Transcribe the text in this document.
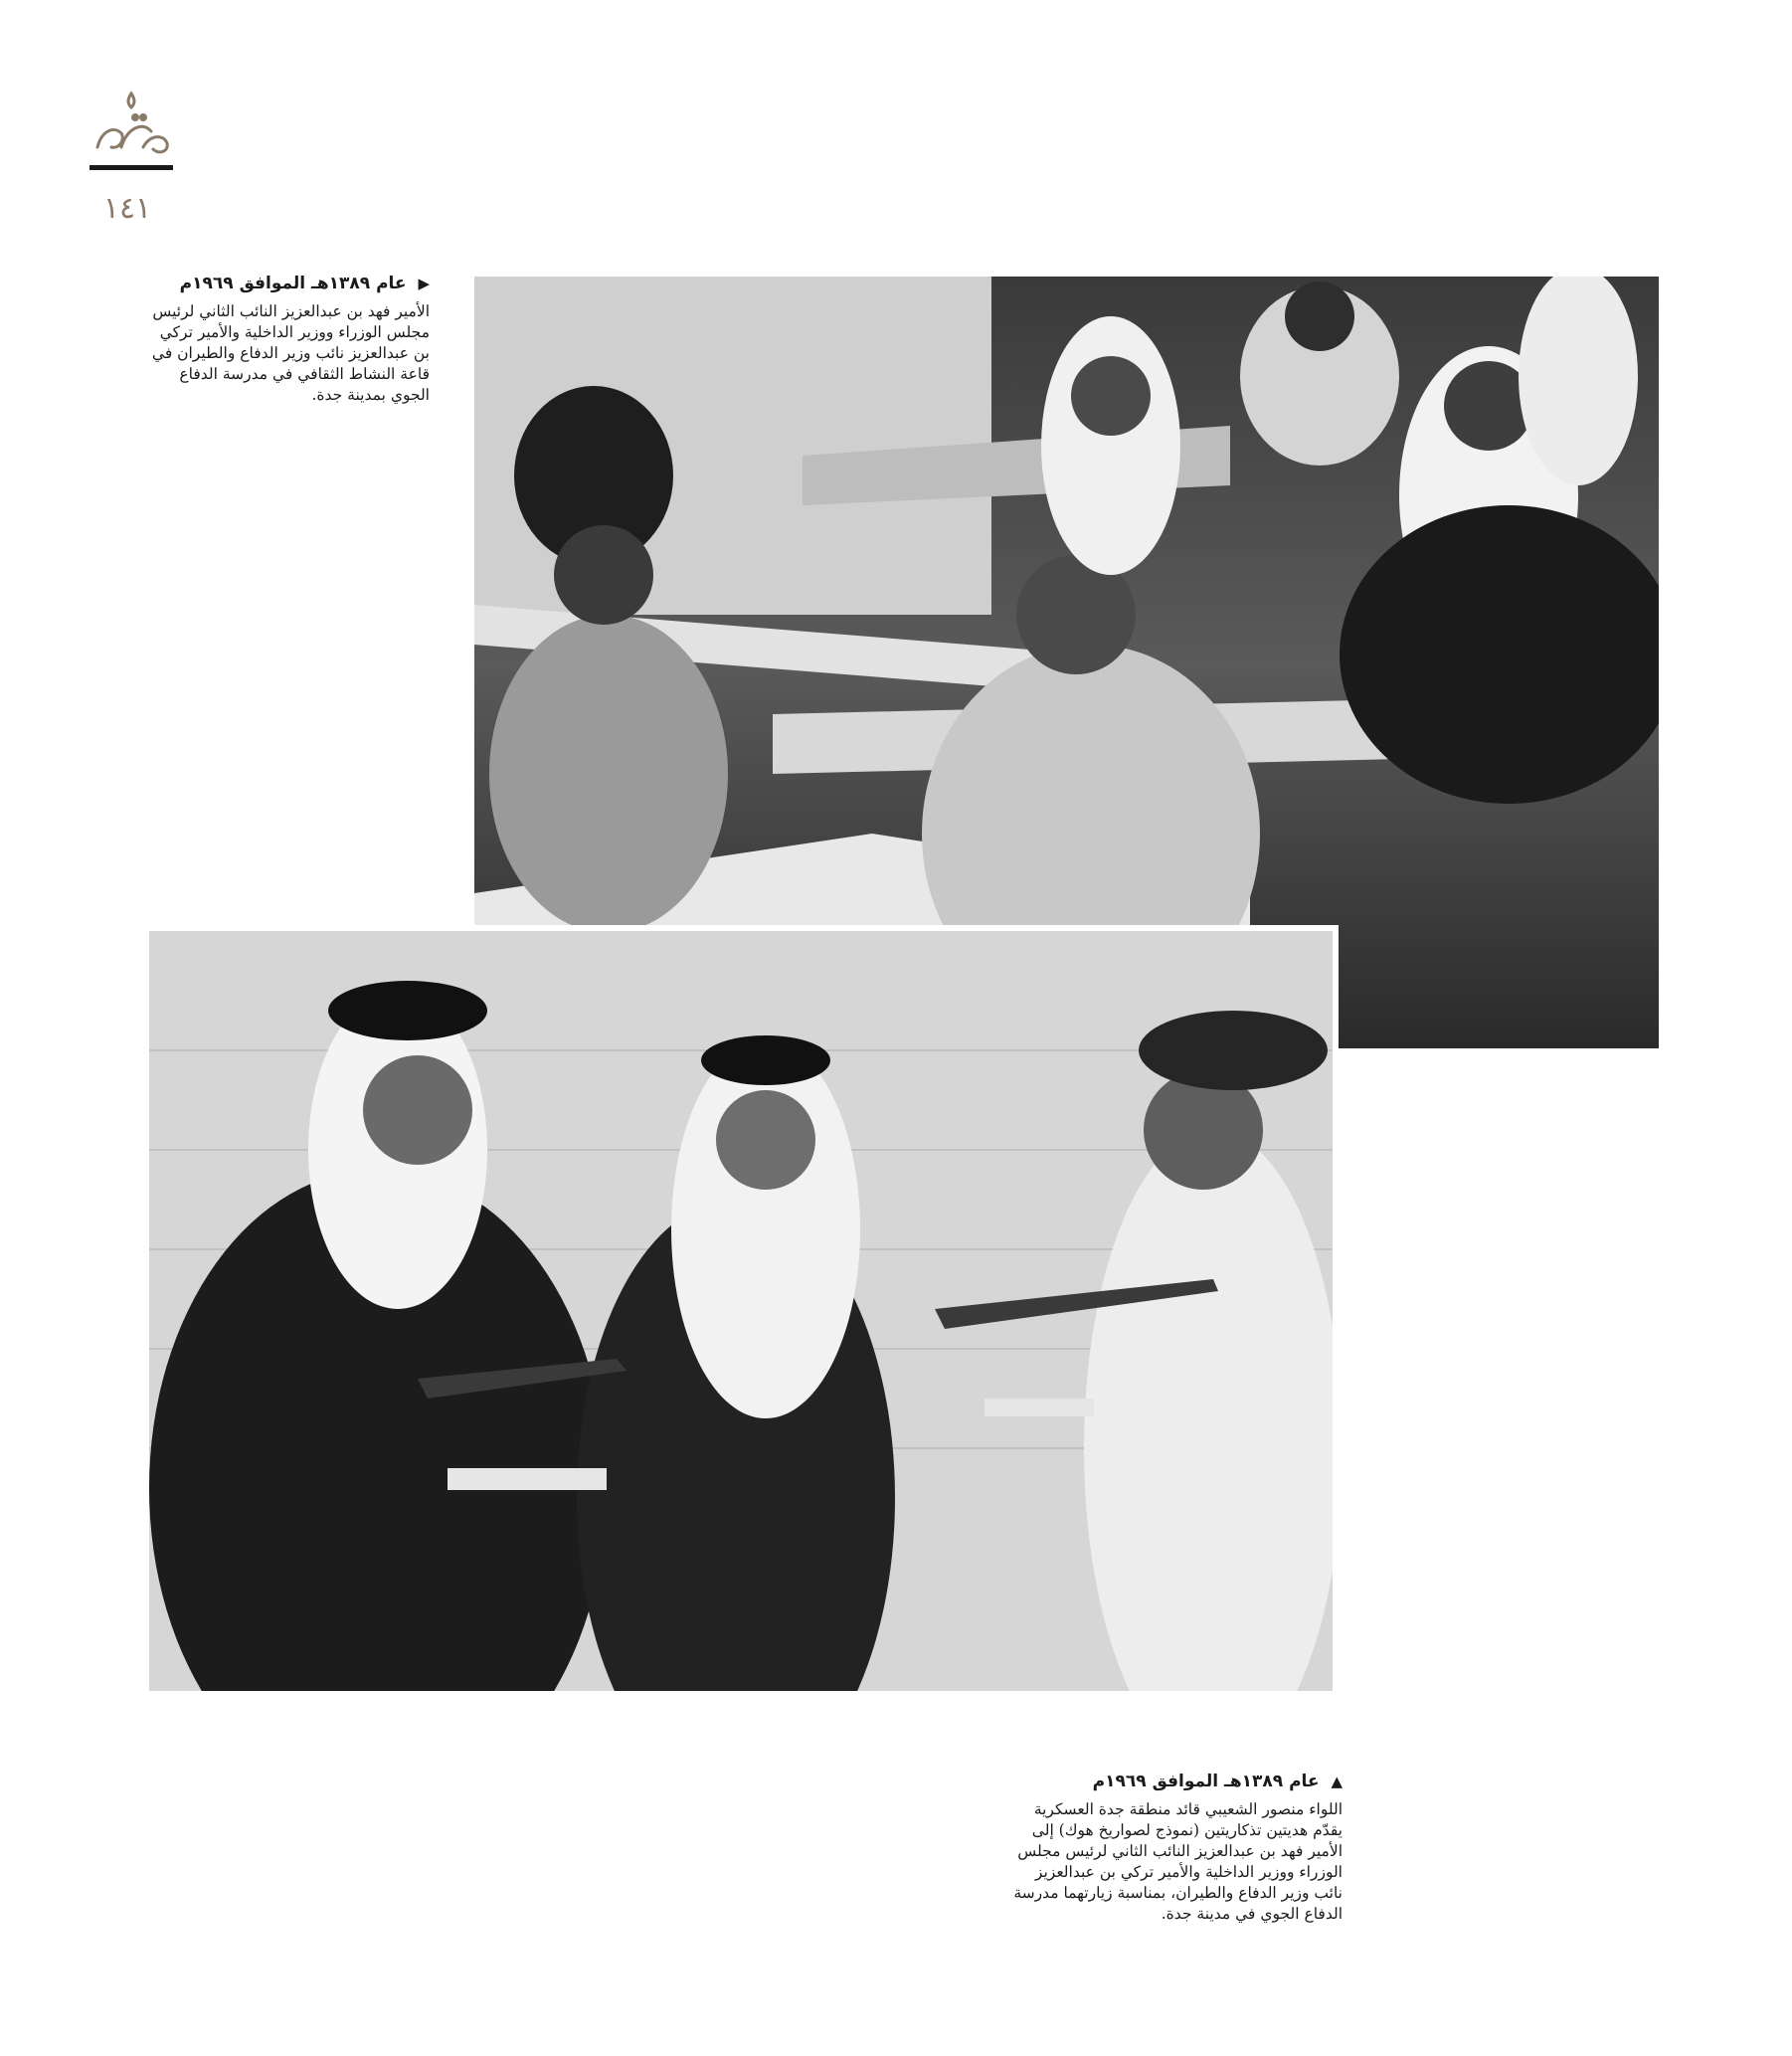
١٤١
▶ عام ١٣٨٩هـ الموافق ١٩٦٩م
الأمير فهد بن عبدالعزيز النائب الثاني لرئيس مجلس الوزراء ووزير الداخلية والأمير تركي بن عبدالعزيز نائب وزير الدفاع والطيران في قاعة النشاط الثقافي في مدرسة الدفاع الجوي بمدينة جدة.
▲ عام ١٣٨٩هـ الموافق ١٩٦٩م
اللواء منصور الشعيبي قائد منطقة جدة العسكرية يقدّم هديتين تذكاريتين (نموذج لصواريخ هوك) إلى الأمير فهد بن عبدالعزيز النائب الثاني لرئيس مجلس الوزراء ووزير الداخلية والأمير تركي بن عبدالعزيز نائب وزير الدفاع والطيران، بمناسبة زيارتهما مدرسة الدفاع الجوي في مدينة جدة.
